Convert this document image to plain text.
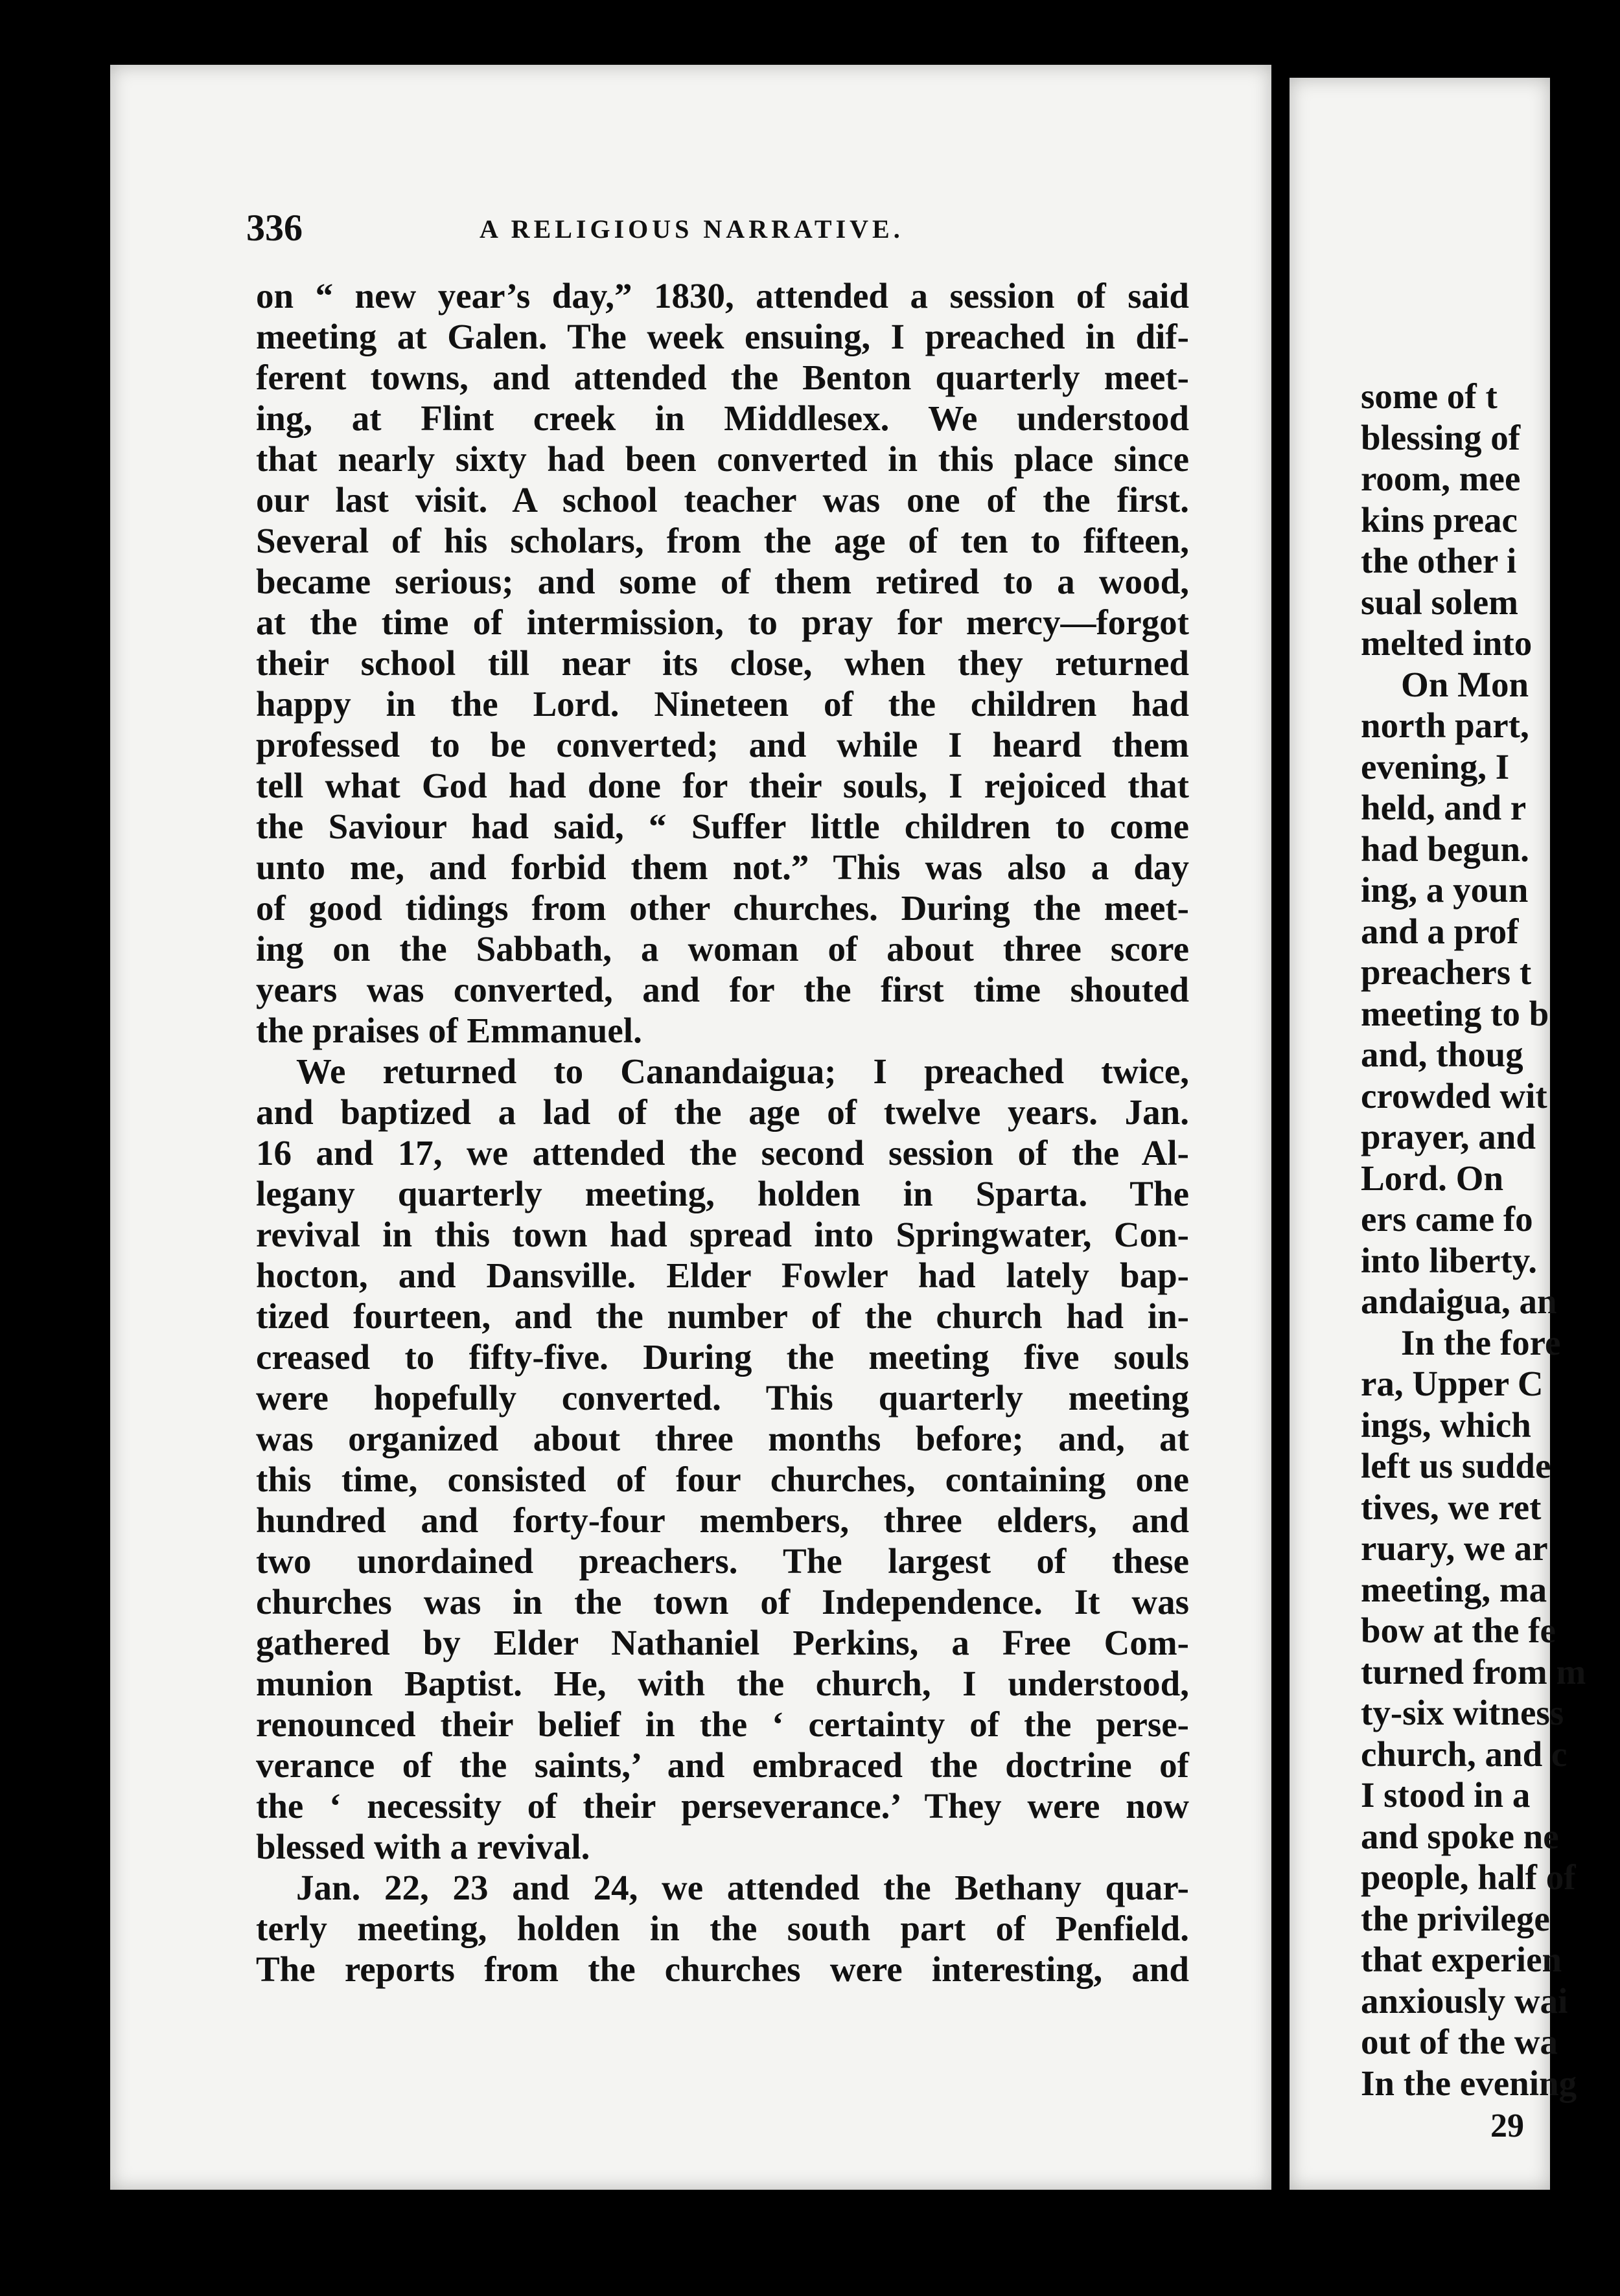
336	A RELIGIOUS NARRATIVE.
on “ new year’s day,” 1830, attended a session of said
meeting at Galen. The week ensuing, I preached in dif-
ferent towns, and attended the Benton quarterly meet-
ing, at Flint creek in Middlesex. We understood
that nearly sixty had been converted in this place since
our last visit. A school teacher was one of the first.
Several of his scholars, from the age of ten to fifteen,
became serious; and some of them retired to a wood,
at the time of intermission, to pray for mercy—forgot
their school till near its close, when they returned
happy in the Lord. Nineteen of the children had
professed to be converted; and while I heard them
tell what God had done for their souls, I rejoiced that
the Saviour had said, “ Suffer little children to come
unto me, and forbid them not.” This was also a day
of good tidings from other churches. During the meet-
ing on the Sabbath, a woman of about three score
years was converted, and for the first time shouted
the praises of Emmanuel.
We returned to Canandaigua; I preached twice,
and baptized a lad of the age of twelve years. Jan.
16 and 17, we attended the second session of the Al-
legany quarterly meeting, holden in Sparta. The
revival in this town had spread into Springwater, Con-
hocton, and Dansville. Elder Fowler had lately bap-
tized fourteen, and the number of the church had in-
creased to fifty-five. During the meeting five souls
were hopefully converted. This quarterly meeting
was organized about three months before; and, at
this time, consisted of four churches, containing one
hundred and forty-four members, three elders, and
two unordained preachers. The largest of these
churches was in the town of Independence. It was
gathered by Elder Nathaniel Perkins, a Free Com-
munion Baptist. He, with the church, I understood,
renounced their belief in the ‘ certainty of the perse-
verance of the saints,’ and embraced the doctrine of
the ‘ necessity of their perseverance.’ They were now
blessed with a revival.
Jan. 22, 23 and 24, we attended the Bethany quar-
terly meeting, holden in the south part of Penfield.
The reports from the churches were interesting, and
some of t
blessing of
room, mee
kins preac
the other i
sual solem
melted into
On Mon
north part,
evening, I
held, and r
had begun.
ing, a youn
and a prof
preachers t
meeting to b
and, thoug
crowded wit
prayer, and
Lord. On
ers came fo
into liberty.
andaigua, an
In the fore
ra, Upper C
ings, which
left us sudde
tives, we ret
ruary, we ar
meeting, ma
bow at the fe
turned from m
ty-six witness
church, and c
I stood in a
and spoke ne
people, half of
the privilege
that experien
anxiously wai
out of the wa
In the evening
29
